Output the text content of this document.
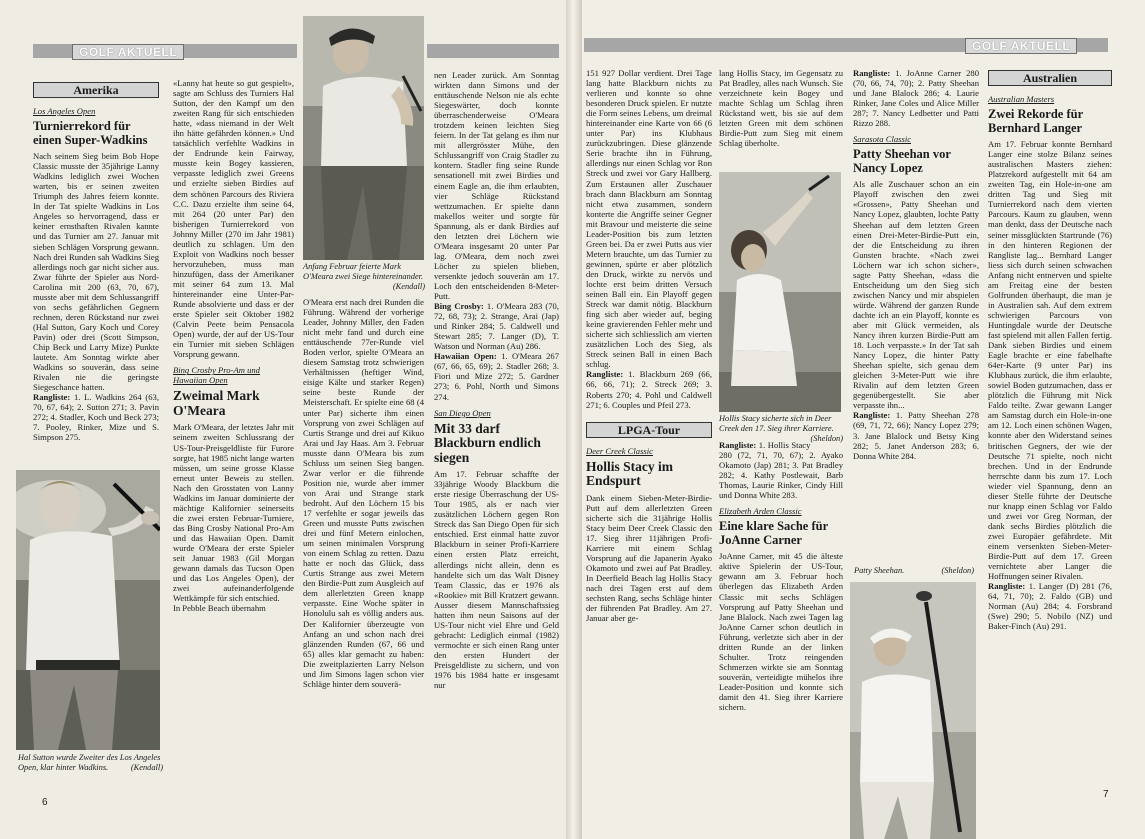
GOLF AKTUELL
Amerika
Los Angeles Open
Turnierrekord für einen Super-Wadkins

Nach seinem Sieg beim Bob Hope Classic musste der 35jährige Lanny Wadkins lediglich zwei Wochen warten, bis er seinen zweiten Triumph des Jahres feiern konnte. In der Tat spielte Wadkins in Los Angeles so hervorragend, dass er keiner ernsthaften Rivalen kannte und das Turnier am 27. Januar mit sieben Schlägen Vorsprung gewann. Nach drei Runden sah Wadkins Sieg allerdings noch gar nicht sicher aus. Zwar führte der Spieler aus Nord-Carolina mit 200 (63, 70, 67), musste aber mit dem Schlussangriff von sechs gefährlichen Gegnern rechnen, deren Rückstand nur zwei (Hal Sutton, Gary Koch und Corey Pavin) oder drei (Scott Simpson, Chip Beck und Larry Mize) Punkte lautete. Am Sonntag wirkte aber Wadkins so souverän, dass seine Rivalen nie die geringste Siegeschance hatten.

Rangliste: 1. L. Wadkins 264 (63, 70, 67, 64); 2. Sutton 271; 3. Pavin 272; 4. Stadler, Koch und Beck 273; 7. Pooley, Rinker, Mize und S. Simpson 275.

Hal Sutton wurde Zweiter des Los Angeles Open, klar hinter Wadkins.	(Kendall)

«Lanny hat heute so gut gespielt», sagte am Schluss des Turniers Hal Sutton, der den Kampf um den zweiten Rang für sich entschieden hatte, «dass niemand in der Welt ihn hätte gefährden können.» Und tatsächlich verfehlte Wadkins in der Endrunde kein Fairway, musste kein Bogey kassieren, verpasste lediglich zwei Greens und erzielte sieben Birdies auf dem schönen Parcours des Riviera C.C. Dazu erzielte ihm seine 64, mit 264 (20 unter Par) den bisherigen Turnierrekord von Johnny Miller (270 im Jahr 1981) deutlich zu schlagen. Um den Exploit von Wadkins noch besser hervorzuheben, muss man hinzufügen, dass der Amerikaner mit seiner 64 zum 13. Mal hintereinander eine Unter-Par-Runde absolvierte und dass er der erste Spieler seit Oktober 1982 (Calvin Peete beim Pensacola Open) wurde, der auf der US-Tour ein Turnier mit sieben Schlägen Vorsprung gewann.

Bing Crosby Pro-Am und Hawaiian Open
Zweimal Mark O'Meara

Mark O'Meara, der letztes Jahr mit seinem zweiten Schlussrang der US-Tour-Preisgeldliste für Furore sorgte, hat 1985 nicht lange warten müssen, um seine grosse Klasse erneut unter Beweis zu stellen. Nach den Grosstaten von Lanny Wadkins im Januar dominierte der mächtige Kalifornier seinerseits die zwei ersten Februar-Turniere, das Bing Crosby National Pro-Am und das Hawaiian Open. Damit wurde O'Meara der erste Spieler seit Januar 1983 (Gil Morgan gewann damals das Tucson Open und das Los Angeles Open), der zwei aufeinanderfolgende Wettkämpfe für sich entschied.

In Pebble Beach übernahm

Anfang Februar feierte Mark O'Meara zwei Siege hintereinander.
(Kendall)

O'Meara erst nach drei Runden die Führung. Während der vorherige Leader, Johnny Miller, den Faden nicht mehr fand und durch eine enttäuschende 77er-Runde viel Boden verlor, spielte O'Meara an diesem Samstag trotz schwierigen Verhältnissen (heftiger Wind, eisige Kälte und starker Regen) seine beste Runde der Meisterschaft. Er spielte eine 68 (4 unter Par) sicherte ihm einen Vorsprung von zwei Schlägen auf Curtis Strange und drei auf Kikuo Arai und Jay Haas. Am 3. Februar musste dann O'Meara bis zum Schluss um seinen Sieg bangen. Zwar verlor er die führende Position nie, wurde aber immer von Arai und Strange stark bedroht. Auf den Löchern 15 bis 17 verfehlte er sogar jeweils das Green und musste Putts zwischen drei und fünf Metern einlochen, um seinen minimalen Vorsprung von einem Schlag zu retten. Dazu hatte er noch das Glück, dass Curtis Strange aus zwei Metern den Birdie-Putt zum Ausgleich auf dem allerletzten Green knapp verpasste. Eine Woche später in Honolulu sah es völlig anders aus. Der Kalifornier überzeugte von Anfang an und schon nach drei glänzenden Runden (67, 66 und 65) alles klar gemacht zu haben: Die zweitplazierten Larry Nelson und Jim Simons lagen schon vier Schläge hinter dem souverä-

nen Leader zurück. Am Sonntag wirkten dann Simons und der enttäuschende Nelson nie als echte Siegeswärter, doch konnte überraschenderweise O'Meara trotzdem keinen leichten Sieg feiern. In der Tat gelang es ihm nur mit allergrösster Mühe, den Schlussangriff von Craig Stadler zu kontern. Stadler fing seine Runde sensationell mit zwei Birdies und einem Eagle an, die ihm erlaubten, vier Schläge Rückstand wettzumachen. Er spielte dann makellos weiter und sorgte für Spannung, als er dank Birdies auf den letzten drei Löchern wie O'Meara insgesamt 20 unter Par lag. O'Meara, dem noch zwei Löcher zu spielen blieben, versenkte jedoch souverän am 17. Loch den entscheidenden 8-Meter-Putt.

Bing Crosby: 1. O'Meara 283 (70, 72, 68, 73); 2. Strange, Arai (Jap) und Rinker 284; 5. Caldwell und Stewart 285; 7. Langer (D), T. Watson und Norman (Au) 286.

Hawaiian Open: 1. O'Meara 267 (67, 66, 65, 69); 2. Stadler 268; 3. Fiori und Mize 272; 5. Gardner 273; 6. Pohl, North und Simons 274.

San Diego Open
Mit 33 darf Blackburn endlich siegen

Am 17. Februar schaffte der 33jährige Woody Blackburn die erste riesige Überraschung der US-Tour 1985, als er nach vier zusätzlichen Löchern gegen Ron Streck das San Diego Open für sich entschied. Erst einmal hatte zuvor Blackburn in seiner Profi-Karriere einen ersten Platz erreicht, allerdings nicht allein, denn es handelte sich um das Walt Disney Team Classic, das er 1976 als «Rookie» mit Bill Kratzert gewann. Ausser diesem Mannschaftssieg hatten ihm neun Saisons auf der US-Tour nicht viel Ehre und Geld gebracht: Lediglich einmal (1982) vermochte er sich einen Rang unter den ersten Hundert der Preisgeldliste zu sichern, und von 1976 bis 1984 hatte er insgesamt nur

6
GOLF AKTUELL

151 927 Dollar verdient. Drei Tage lang hatte Blackburn nichts zu verlieren und konnte so ohne besonderen Druck spielen. Er nutzte die Form seines Lebens, um dreimal hintereinander eine Karte von 66 (6 unter Par) ins Klubhaus zurückzubringen. Diese glänzende Serie brachte ihn in Führung, allerdings nur einen Schlag vor Ron Streck und zwei vor Gary Hallberg. Zum Erstaunen aller Zuschauer brach dann Blackburn am Sonntag nicht etwa zusammen, sondern konterte die Angriffe seiner Gegner mit Bravour und meisterte die seine Leader-Position bis zum letzten Green bei. Da er zwei Putts aus vier Metern brauchte, um das Turnier zu gewinnen, spürte er aber plötzlich den Druck, wirkte zu nervös und lochte erst beim dritten Versuch seinen Ball ein. Ein Playoff gegen Streck war damit nötig. Blackburn fing sich aber wieder auf, beging keine gravierenden Fehler mehr und sicherte sich schliesslich am vierten zusätzlichen Loch des Sieg, als Streck seinen Ball in einen Bach schlug.

Rangliste: 1. Blackburn 269 (66, 66, 66, 71); 2. Streck 269; 3. Roberts 270; 4. Pohl und Caldwell 271; 6. Couples und Pfeil 273.

LPGA-Tour
Deer Creek Classic
Hollis Stacy im Endspurt

Dank einem Sieben-Meter-Birdie-Putt auf dem allerletzten Green sicherte sich die 31jährige Hollis Stacy beim Deer Creek Classic den 17. Sieg ihrer 11jährigen Profi-Karriere mit einem Schlag Vorsprung auf die Japanerin Ayako Okamoto und zwei auf Pat Bradley. In Deerfield Beach lag Hollis Stacy nach drei Tagen erst auf dem sechsten Rang, sechs Schläge hinter der führenden Pat Bradley. Am 27. Januar aber ge-

lang Hollis Stacy, im Gegensatz zu Pat Bradley, alles nach Wunsch. Sie verzeichnete kein Bogey und machte Schlag um Schlag ihren Rückstand wett, bis sie auf dem letzten Green mit dem schönen Birdie-Putt zum Sieg mit einem Schlag überholte.

Hollis Stacy sicherte sich in Deer Creek den 17. Sieg ihrer Karriere.
(Sheldon)

Rangliste: 1. Hollis Stacy 280 (72, 71, 70, 67); 2. Ayako Okamoto (Jap) 281; 3. Pat Bradley 282; 4. Kathy Postlewait, Barb Thomas, Laurie Rinker, Cindy Hill und Donna White 283.

Elizabeth Arden Classic
Eine klare Sache für JoAnne Carner

JoAnne Carner, mit 45 die älteste aktive Spielerin der US-Tour, gewann am 3. Februar hoch überlegen das Elizabeth Arden Classic mit sechs Schlägen Vorsprung auf Patty Sheehan und Jane Blalock. Nach zwei Tagen lag JoAnne Carner schon deutlich in Führung, verletzte sich aber in der dritten Runde an der linken Schulter. Trotz reingenden Schmerzen wirkte sie am Sonntag souverän, verteidigte mühelos ihre Leader-Position und konnte sich damit den 41. Sieg ihrer Karriere sichern.

Rangliste: 1. JoAnne Carner 280 (70, 66, 74, 70); 2. Patty Sheehan und Jane Blalock 286; 4. Laurie Rinker, Jane Coles und Alice Miller 287; 7. Nancy Ledbetter und Patti Rizzo 288.

Sarasota Classic
Patty Sheehan vor Nancy Lopez

Als alle Zuschauer schon an ein Playoff zwischen den zwei «Grossen», Patty Sheehan und Nancy Lopez, glaubten, lochte Patty Sheehan auf dem letzten Green einen Drei-Meter-Birdie-Putt ein, der die Entscheidung zu ihren Gunsten brachte. «Nach zwei Löchern war ich schon sicher», sagte Patty Sheehan, «dass die Entscheidung um den Sieg sich zwischen Nancy und mir abspielen würde. Während der ganzen Runde dachte ich an ein Playoff, konnte es aber mit Glück vermeiden, als Nancy ihren kurzen Birdie-Putt am 18. Loch verpasste.» In der Tat sah Nancy Lopez, die hinter Patty Sheehan spielte, sich genau dem gleichen 3-Meter-Putt wie ihre Rivalin auf dem letzten Green gegenübergestellt. Sie aber verpasste ihn...

Rangliste: 1. Patty Sheehan 278 (69, 71, 72, 66); Nancy Lopez 279; 3. Jane Blalock und Betsy King 282; 5. Janet Anderson 283; 6. Donna White 284.

Patty Sheehan.	(Sheldon)
Australien
Australian Masters
Zwei Rekorde für Bernhard Langer

Am 17. Februar konnte Bernhard Langer eine stolze Bilanz seines australischen Masters ziehen: Platzrekord aufgestellt mit 64 am zweiten Tag, ein Hole-in-one am dritten Tag und Sieg mit Turnierrekord nach dem vierten Parcours. Kaum zu glauben, wenn man denkt, dass der Deutsche nach seiner missglückten Startrunde (76) in den hinteren Regionen der Rangliste lag... Bernhard Langer liess sich durch seinen schwachen Anfang nicht entnerven und spielte am Freitag eine der besten Golfrunden überhaupt, die man je in Australien sah. Auf dem extrem schwierigen Parcours von Huntingdale wurde der Deutsche fast spielend mit allen Fallen fertig. Dank sieben Birdies und einem Eagle brachte er eine fabelhafte 64er-Karte (9 unter Par) ins Klubhaus zurück, die ihm erlaubte, sowiel Boden gutzumachen, dass er plötzlich die Führung mit Nick Faldo teilte. Zwar gewann Langer am Samstag durch ein Hole-in-one am 12. Loch einen schönen Wagen, konnte aber den Widerstand seines britischen Gegners, der wie der Deutsche 71 spielte, noch nicht brechen. Und in der Endrunde herrschte dann bis zum 17. Loch wieder viel Spannung, denn an dieser Stelle führte der Deutsche nur knapp einen Schlag vor Faldo und zwei vor Greg Norman, der dank sechs Birdies plötzlich die zwei Europäer gefährdete. Mit einem versenkten Sieben-Meter-Birdie-Putt auf dem 17. Green vernichtete aber Langer die Hoffnungen seiner Rivalen.

Rangliste: 1. Langer (D) 281 (76, 64, 71, 70); 2. Faldo (GB) und Norman (Au) 284; 4. Forsbrand (Swe) 290; 5. Nobilo (NZ) und Baker-Finch (Au) 291.

7
